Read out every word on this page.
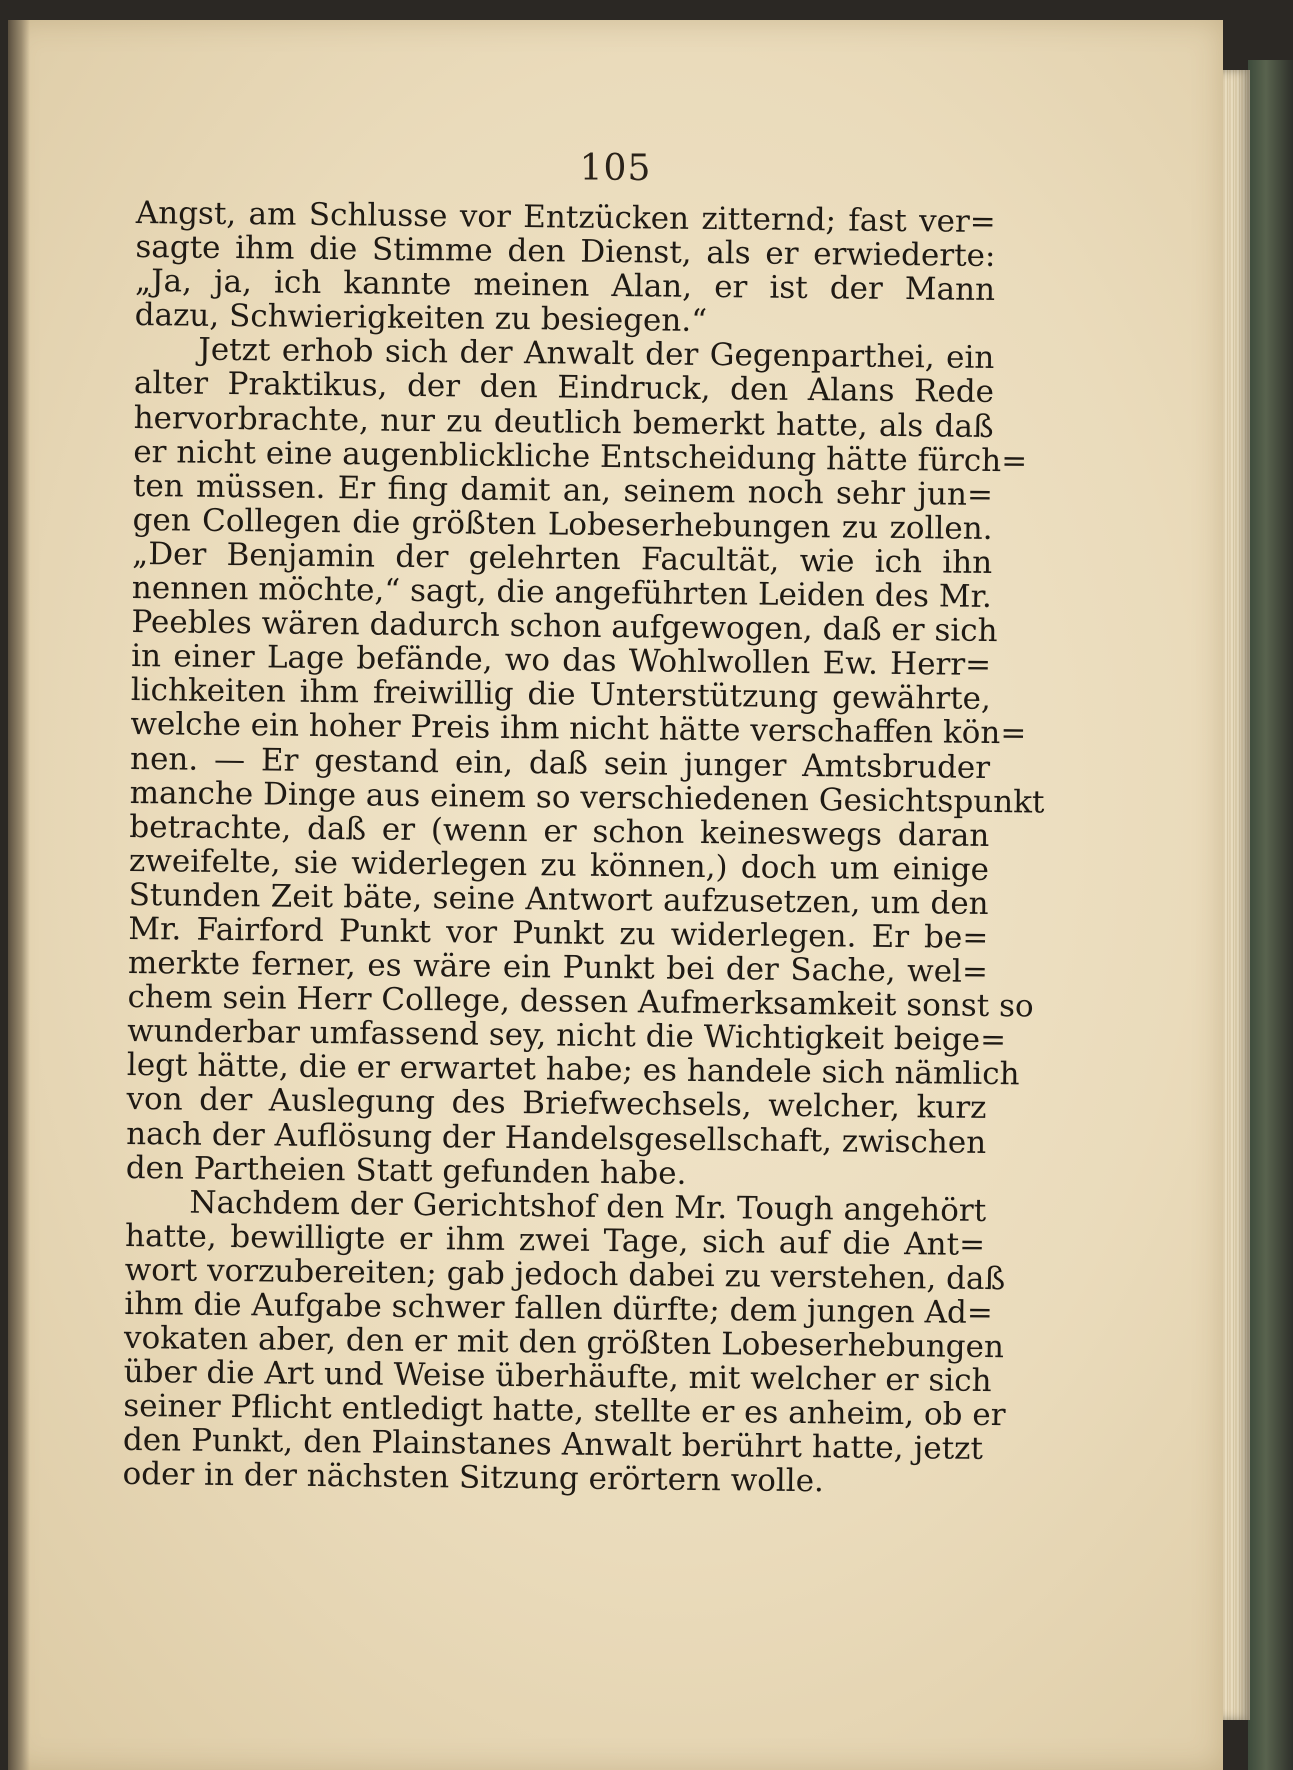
105
Angst, am Schlusse vor Entzücken zitternd; fast ver=
sagte ihm die Stimme den Dienst, als er erwiederte:
„Ja, ja, ich kannte meinen Alan, er ist der Mann
dazu, Schwierigkeiten zu besiegen.“
Jetzt erhob sich der Anwalt der Gegenparthei, ein
alter Praktikus, der den Eindruck, den Alans Rede
hervorbrachte, nur zu deutlich bemerkt hatte, als daß
er nicht eine augenblickliche Entscheidung hätte fürch=
ten müssen. Er fing damit an, seinem noch sehr jun=
gen Collegen die größten Lobeserhebungen zu zollen.
„Der Benjamin der gelehrten Facultät, wie ich ihn
nennen möchte,“ sagt, die angeführten Leiden des Mr.
Peebles wären dadurch schon aufgewogen, daß er sich
in einer Lage befände, wo das Wohlwollen Ew. Herr=
lichkeiten ihm freiwillig die Unterstützung gewährte,
welche ein hoher Preis ihm nicht hätte verschaffen kön=
nen. — Er gestand ein, daß sein junger Amtsbruder
manche Dinge aus einem so verschiedenen Gesichtspunkt
betrachte, daß er (wenn er schon keineswegs daran
zweifelte, sie widerlegen zu können,) doch um einige
Stunden Zeit bäte, seine Antwort aufzusetzen, um den
Mr. Fairford Punkt vor Punkt zu widerlegen. Er be=
merkte ferner, es wäre ein Punkt bei der Sache, wel=
chem sein Herr College, dessen Aufmerksamkeit sonst so
wunderbar umfassend sey, nicht die Wichtigkeit beige=
legt hätte, die er erwartet habe; es handele sich nämlich
von der Auslegung des Briefwechsels, welcher, kurz
nach der Auflösung der Handelsgesellschaft, zwischen
den Partheien Statt gefunden habe.
Nachdem der Gerichtshof den Mr. Tough angehört
hatte, bewilligte er ihm zwei Tage, sich auf die Ant=
wort vorzubereiten; gab jedoch dabei zu verstehen, daß
ihm die Aufgabe schwer fallen dürfte; dem jungen Ad=
vokaten aber, den er mit den größten Lobeserhebungen
über die Art und Weise überhäufte, mit welcher er sich
seiner Pflicht entledigt hatte, stellte er es anheim, ob er
den Punkt, den Plainstanes Anwalt berührt hatte, jetzt
oder in der nächsten Sitzung erörtern wolle.
